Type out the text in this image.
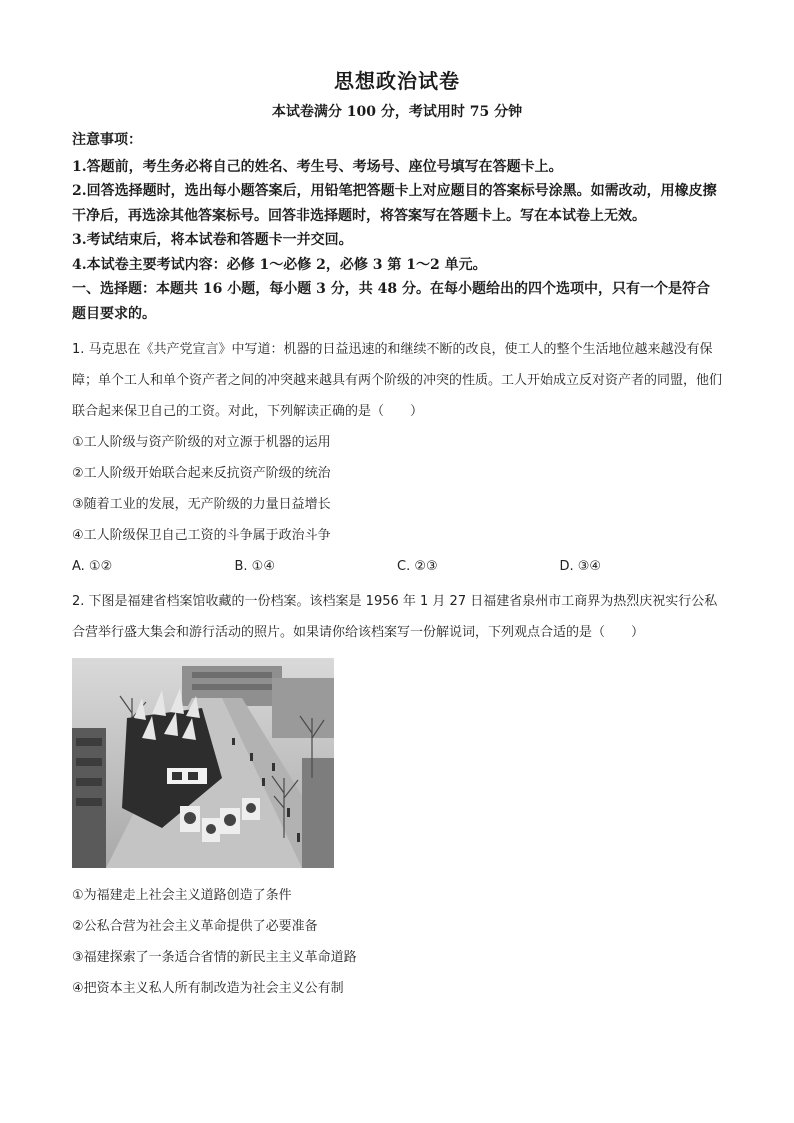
思想政治试卷

本试卷满分 100 分，考试用时 75 分钟

注意事项：

1.答题前，考生务必将自己的姓名、考生号、考场号、座位号填写在答题卡上。

2.回答选择题时，选出每小题答案后，用铅笔把答题卡上对应题目的答案标号涂黑。如需改动，用橡皮擦干净后，再选涂其他答案标号。回答非选择题时，将答案写在答题卡上。写在本试卷上无效。

3.考试结束后，将本试卷和答题卡一并交回。

4.本试卷主要考试内容：必修 1～必修 2，必修 3 第 1～2 单元。

一、选择题：本题共 16 小题，每小题 3 分，共 48 分。在每小题给出的四个选项中，只有一个是符合题目要求的。

1. 马克思在《共产党宣言》中写道：机器的日益迅速的和继续不断的改良，使工人的整个生活地位越来越没有保障；单个工人和单个资产者之间的冲突越来越具有两个阶级的冲突的性质。工人开始成立反对资产者的同盟，他们联合起来保卫自己的工资。对此，下列解读正确的是（　　）

①工人阶级与资产阶级的对立源于机器的运用

②工人阶级开始联合起来反抗资产阶级的统治

③随着工业的发展，无产阶级的力量日益增长

④工人阶级保卫自己工资的斗争属于政治斗争

A. ①②	B. ①④	C. ②③	D. ③④

2. 下图是福建省档案馆收藏的一份档案。该档案是 1956 年 1 月 27 日福建省泉州市工商界为热烈庆祝实行公私合营举行盛大集会和游行活动的照片。如果请你给该档案写一份解说词，下列观点合适的是（　　）

①为福建走上社会主义道路创造了条件

②公私合营为社会主义革命提供了必要准备

③福建探索了一条适合省情的新民主主义革命道路

④把资本主义私人所有制改造为社会主义公有制
